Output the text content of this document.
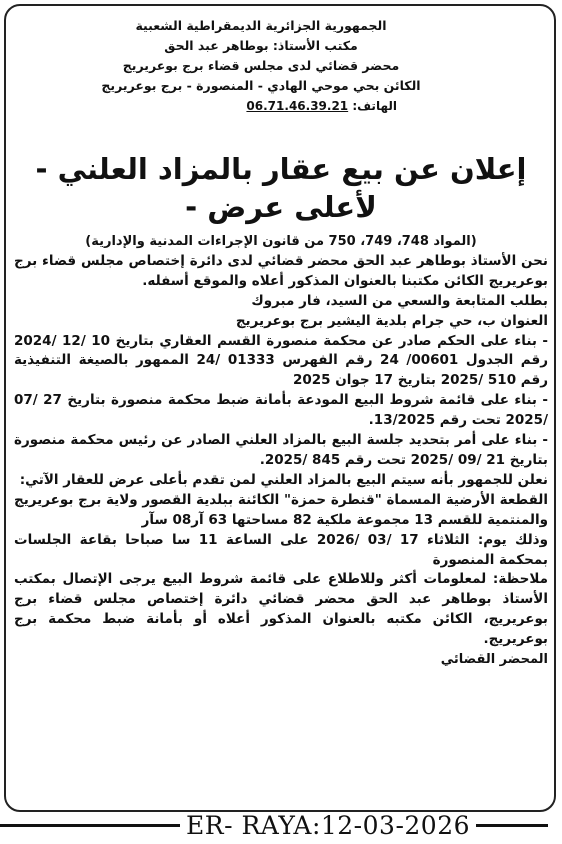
الجمهورية الجزائرية الديمقراطية الشعبية
مكتب الأستاذ: بوطاهر عبد الحق
محضر قضائي لدى مجلس قضاء برج بوعريريج
الكائن بحي موحي الهادي - المنصورة - برج بوعريريج
الهاتف: 06.71.46.39.21
إعلان عن بيع عقار بالمزاد العلني -
لأعلى عرض -

(المواد 748، 749، 750 من قانون الإجراءات المدنية والإدارية)

نحن الأستاذ بوطاهر عبد الحق محضر قضائي لدى دائرة إختصاص مجلس قضاء برج بوعريريج الكائن مكتبنا بالعنوان المذكور أعلاه والموقع أسفله.

بطلب المتابعة والسعي من السيد، فار مبروك

العنوان ب، حي جرام بلدية اليشير برج بوعريريج

- بناء على الحكم صادر عن محكمة منصورة القسم العقاري بتاريخ 10 /12 /2024 رقم الجدول 00601/ 24 رقم الفهرس 01333 /24 الممهور بالصيغة التنفيذية رقم 510 /2025 بتاريخ 17 جوان 2025

- بناء على قائمة شروط البيع المودعة بأمانة ضبط محكمة منصورة بتاريخ 27 /07 /2025 تحت رقم 13/2025.

- بناء على أمر بتحديد جلسة البيع بالمزاد العلني الصادر عن رئيس محكمة منصورة بتاريخ 21 /09 /2025 تحت رقم 845 /2025.

نعلن للجمهور بأنه سيتم البيع بالمزاد العلني لمن تقدم بأعلى عرض للعقار الآتي:

القطعة الأرضية المسماة "قنطرة حمزة" الكائنة ببلدية القصور ولاية برج بوعريريج والمنتمية للقسم 13 مجموعة ملكية 82 مساحتها 63 آر08 سآر

وذلك يوم: الثلاثاء 17 /03 /2026 على الساعة 11 سا صباحا بقاعة الجلسات بمحكمة المنصورة

ملاحظة: لمعلومات أكثر وللاطلاع على قائمة شروط البيع يرجى الإتصال بمكتب الأستاذ بوطاهر عبد الحق محضر قضائي دائرة إختصاص مجلس قضاء برج بوعريريج، الكائن مكتبه بالعنوان المذكور أعلاه أو بأمانة ضبط محكمة برج بوعريريج.

المحضر القضائي

ER- RAYA:12-03-2026
